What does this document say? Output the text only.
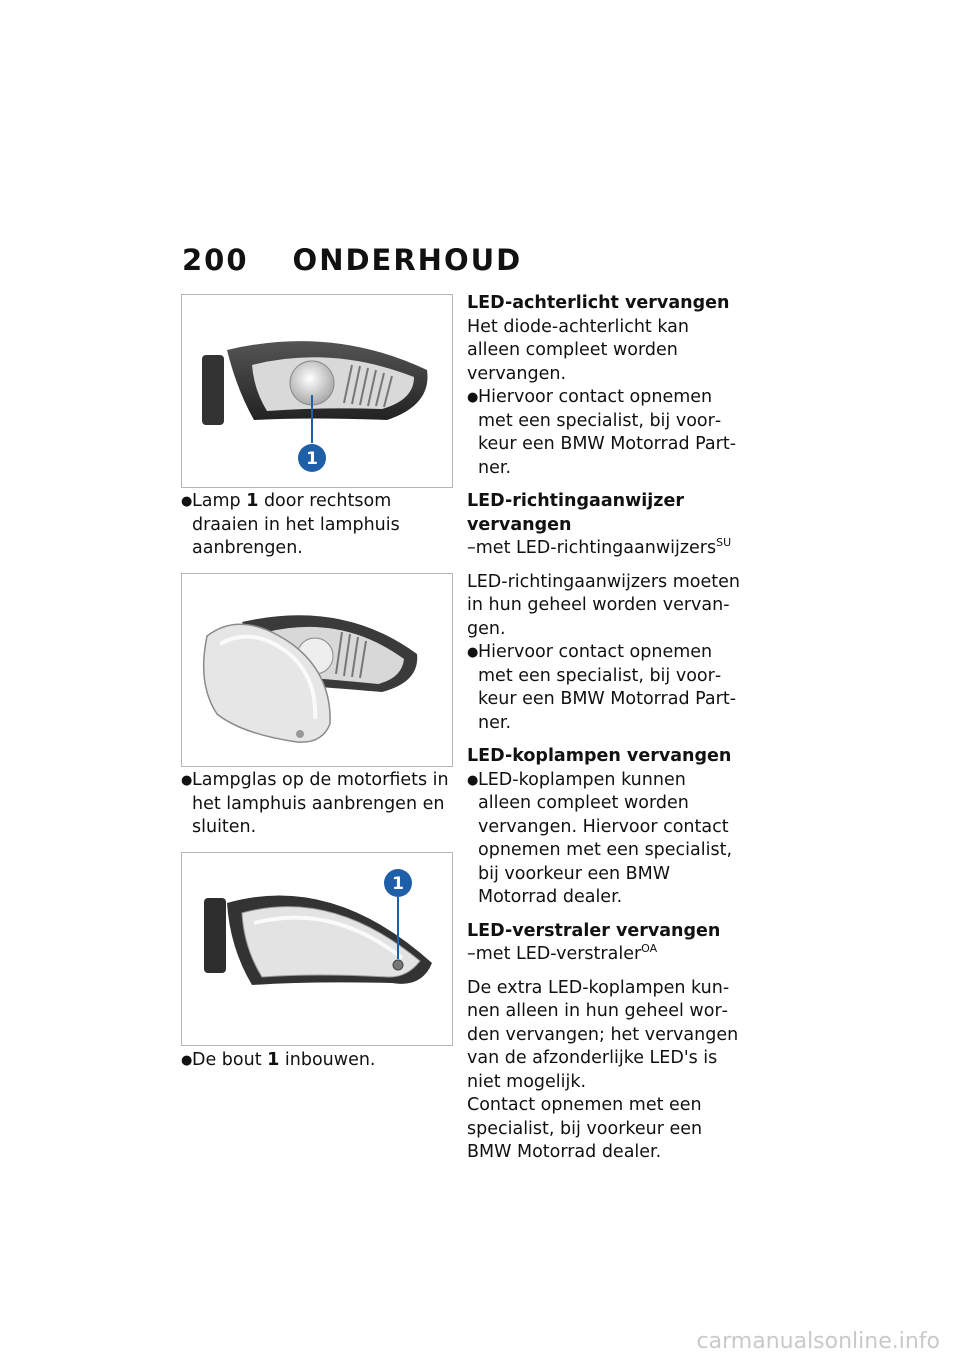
200 ONDERHOUD
1
● Lamp 1 door rechtsom draaien in het lamphuis aanbrengen.
● Lampglas op de motorfiets in het lamphuis aanbrengen en sluiten.
1
● De bout 1 inbouwen.
LED-achterlicht vervangen

Het diode-achterlicht kan alleen compleet worden vervangen.

● Hiervoor contact opnemen met een specialist, bij voorkeur een BMW Motorrad Partner.
LED-richtingaanwijzer vervangen
–met LED-richtingaanwijzers$^{SU}$

LED-richtingaanwijzers moeten in hun geheel worden vervangen.

● Hiervoor contact opnemen met een specialist, bij voorkeur een BMW Motorrad Partner.
LED-koplampen vervangen
● LED-koplampen kunnen alleen compleet worden vervangen. Hiervoor contact opnemen met een specialist, bij voorkeur een BMW Motorrad dealer.
LED-verstraler vervangen
–met LED-verstraler$^{OA}$

De extra LED-koplampen kunnen alleen in hun geheel worden vervangen; het vervangen van de afzonderlijke LED's is niet mogelijk.

Contact opnemen met een specialist, bij voorkeur een BMW Motorrad dealer.

carmanualsonline.info
